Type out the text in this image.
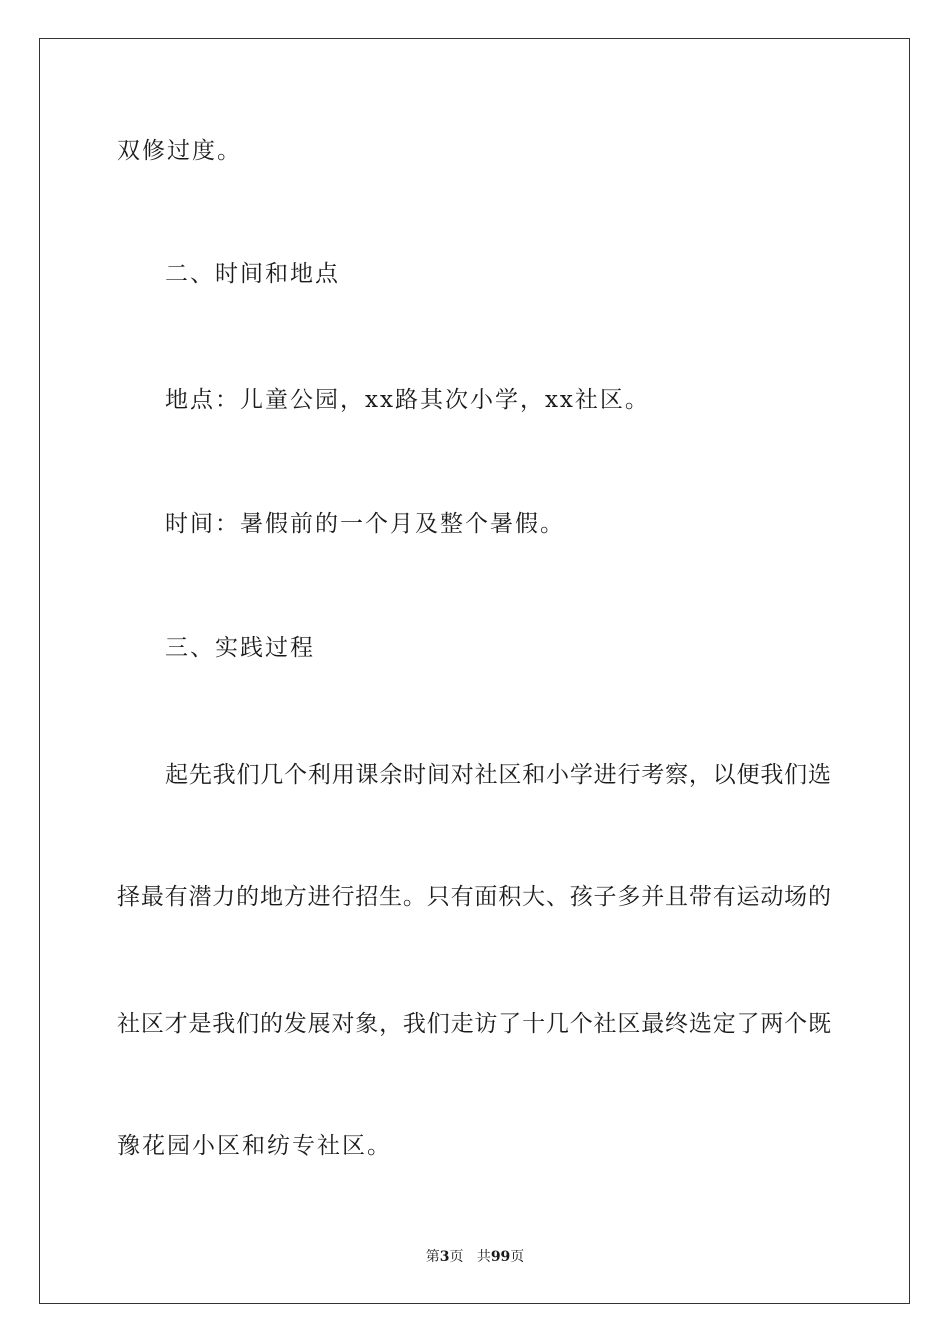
双修过度。

二、时间和地点

地点：儿童公园，xx路其次小学，xx社区。

时间：暑假前的一个月及整个暑假。

三、实践过程

起先我们几个利用课余时间对社区和小学进行考察，以便我们选

择最有潜力的地方进行招生。只有面积大、孩子多并且带有运动场的

社区才是我们的发展对象，我们走访了十几个社区最终选定了两个既

豫花园小区和纺专社区。

第3页 共99页
